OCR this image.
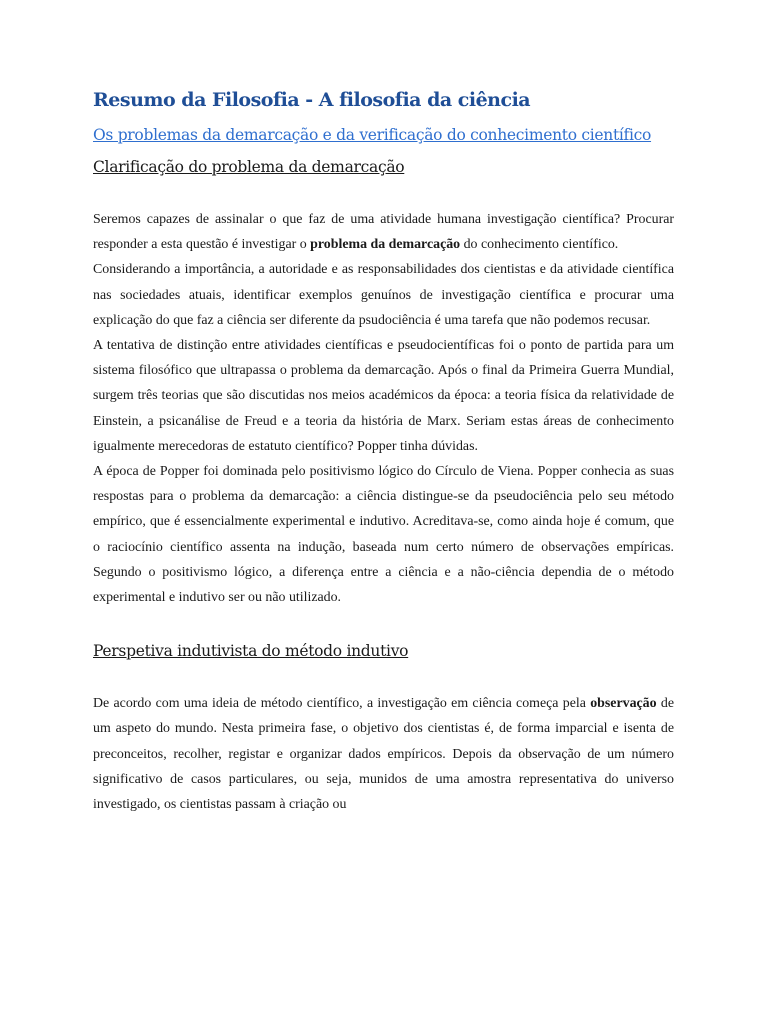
Resumo da Filosofia - A filosofia da ciência
Os problemas da demarcação e da verificação do conhecimento científico
Clarificação do problema da demarcação

Seremos capazes de assinalar o que faz de uma atividade humana investigação científica? Procurar responder a esta questão é investigar o problema da demarcação do conhecimento científico.

Considerando a importância, a autoridade e as responsabilidades dos cientistas e da atividade científica nas sociedades atuais, identificar exemplos genuínos de investigação científica e procurar uma explicação do que faz a ciência ser diferente da psudociência é uma tarefa que não podemos recusar.

A tentativa de distinção entre atividades científicas e pseudocientíficas foi o ponto de partida para um sistema filosófico que ultrapassa o problema da demarcação. Após o final da Primeira Guerra Mundial, surgem três teorias que são discutidas nos meios académicos da época: a teoria física da relatividade de Einstein, a psicanálise de Freud e a teoria da história de Marx. Seriam estas áreas de conhecimento igualmente merecedoras de estatuto científico? Popper tinha dúvidas.

A época de Popper foi dominada pelo positivismo lógico do Círculo de Viena. Popper conhecia as suas respostas para o problema da demarcação: a ciência distingue-se da pseudociência pelo seu método empírico, que é essencialmente experimental e indutivo. Acreditava-se, como ainda hoje é comum, que o raciocínio científico assenta na indução, baseada num certo número de observações empíricas. Segundo o positivismo lógico, a diferença entre a ciência e a não-ciência dependia de o método experimental e indutivo ser ou não utilizado.

Perspetiva indutivista do método indutivo

De acordo com uma ideia de método científico, a investigação em ciência começa pela observação de um aspeto do mundo. Nesta primeira fase, o objetivo dos cientistas é, de forma imparcial e isenta de preconceitos, recolher, registar e organizar dados empíricos. Depois da observação de um número significativo de casos particulares, ou seja, munidos de uma amostra representativa do universo investigado, os cientistas passam à criação ou
